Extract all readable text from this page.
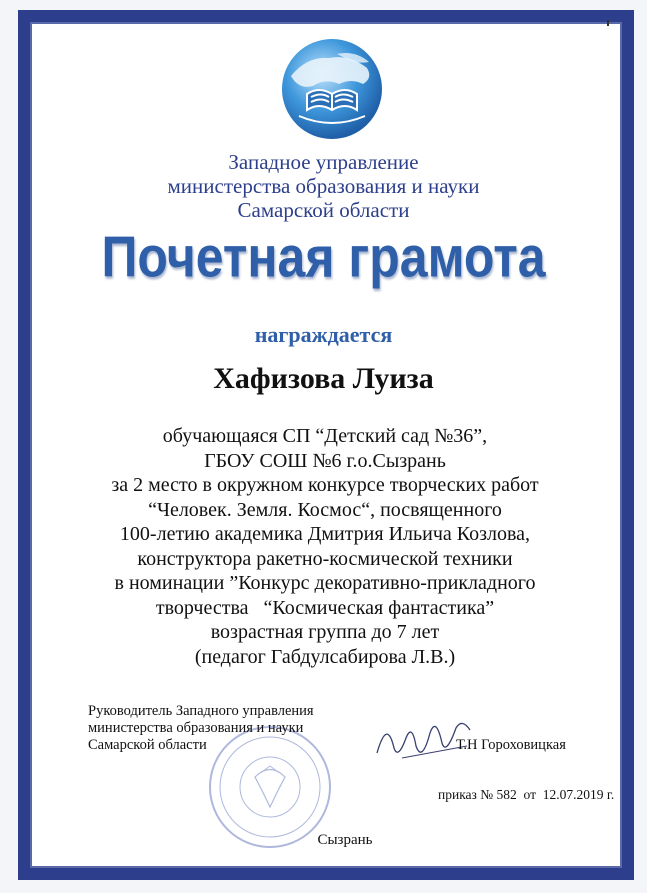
Западное управление
министерства образования и науки
Самарской области
Почетная грамота
награждается
Хафизова Луиза
обучающаяся СП “Детский сад №36”,
ГБОУ СОШ №6 г.о.Сызрань
за 2 место в окружном конкурсе творческих работ
“Человек. Земля. Космос“, посвященного
100-летию академика Дмитрия Ильича Козлова,
конструктора ракетно-космической техники
в номинации ”Конкурс декоративно-прикладного
творчества   “Космическая фантастика”
возрастная группа до 7 лет
(педагог Габдулсабирова Л.В.)
Руководитель Западного управления
министерства образования и науки
Самарской области	Т.Н Гороховицкая
приказ № 582  от  12.07.2019 г.
Сызрань
